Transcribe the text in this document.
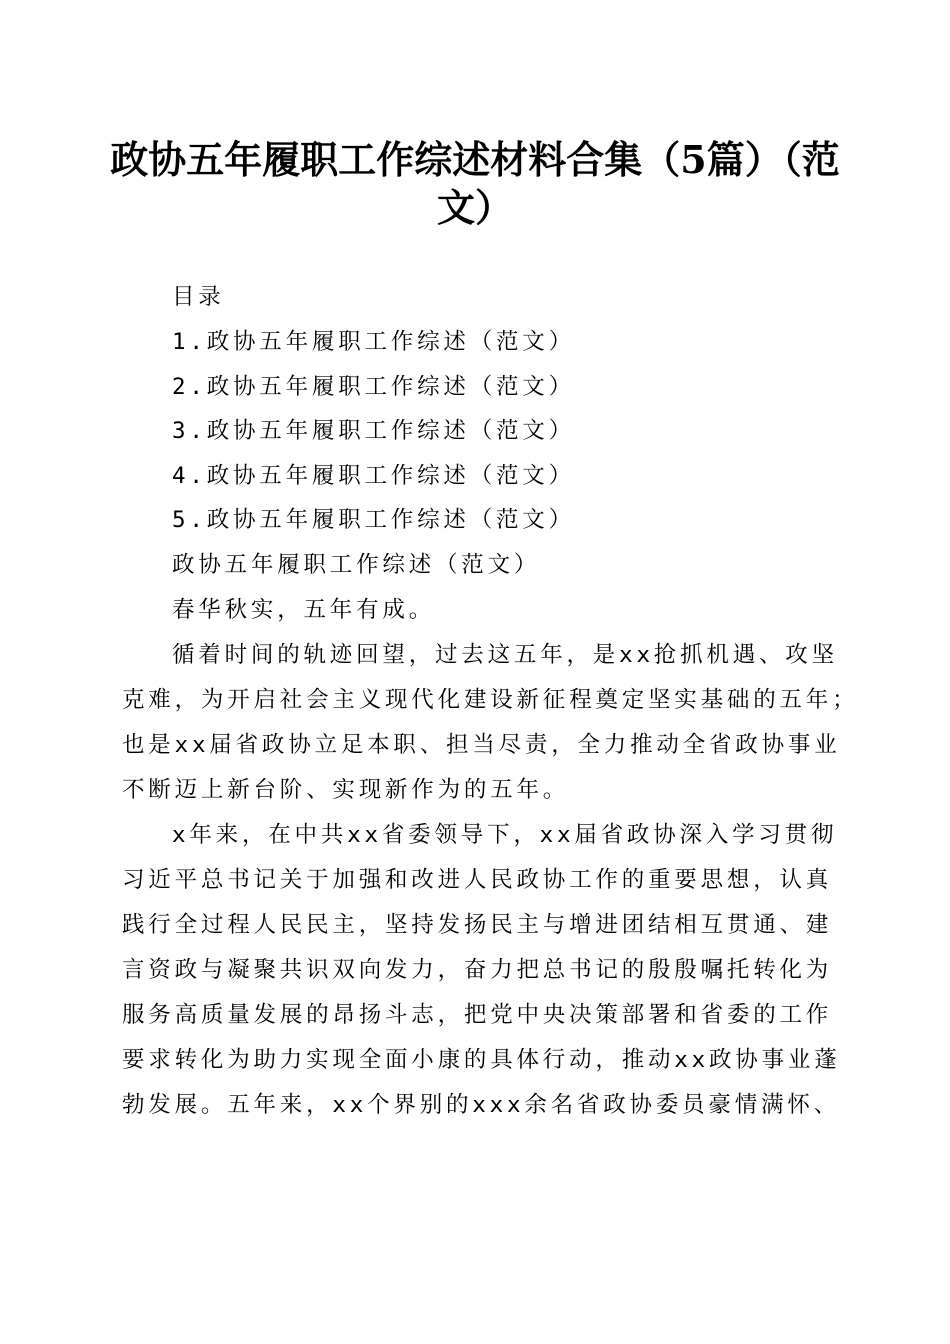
政协五年履职工作综述材料合集（5篇）（范
文）

目录

1.政协五年履职工作综述（范文）

2.政协五年履职工作综述（范文）

3.政协五年履职工作综述（范文）

4.政协五年履职工作综述（范文）

5.政协五年履职工作综述（范文）

政协五年履职工作综述（范文）

春华秋实，五年有成。

循着时间的轨迹回望，过去这五年，是xx抢抓机遇、攻坚

克难，为开启社会主义现代化建设新征程奠定坚实基础的五年；

也是xx届省政协立足本职、担当尽责，全力推动全省政协事业

不断迈上新台阶、实现新作为的五年。

x年来，在中共xx省委领导下，xx届省政协深入学习贯彻

习近平总书记关于加强和改进人民政协工作的重要思想，认真

践行全过程人民民主，坚持发扬民主与增进团结相互贯通、建

言资政与凝聚共识双向发力，奋力把总书记的殷殷嘱托转化为

服务高质量发展的昂扬斗志，把党中央决策部署和省委的工作

要求转化为助力实现全面小康的具体行动，推动xx政协事业蓬

勃发展。五年来，xx个界别的xxx余名省政协委员豪情满怀、
